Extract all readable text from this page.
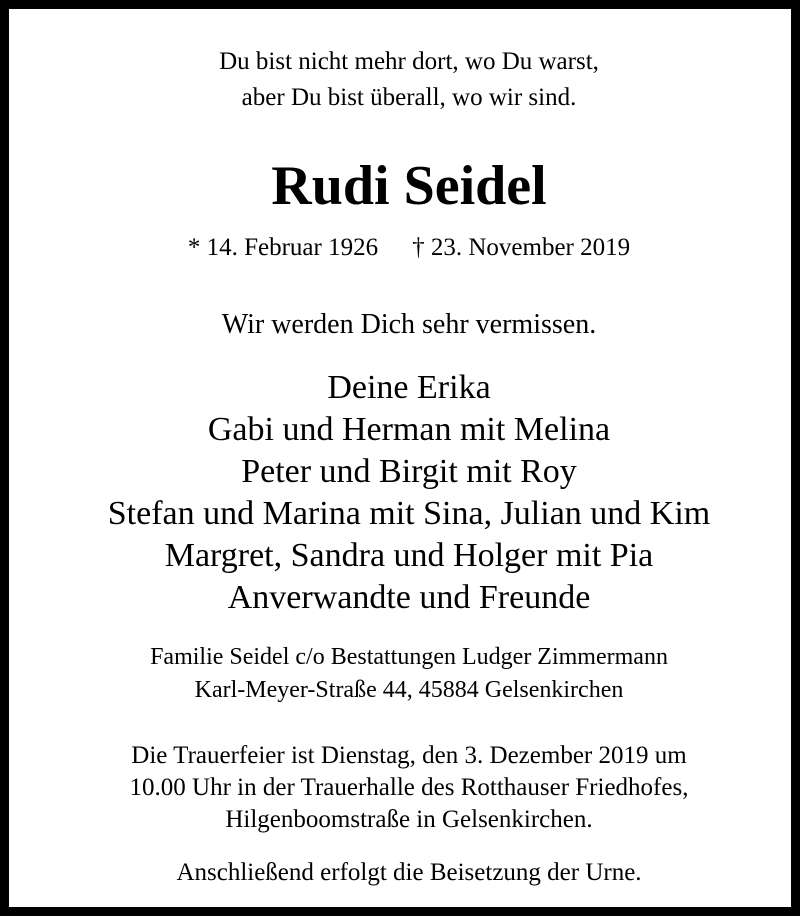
Du bist nicht mehr dort, wo Du warst,
aber Du bist überall, wo wir sind.
Rudi Seidel
* 14. Februar 1926 † 23. November 2019
Wir werden Dich sehr vermissen.
Deine Erika
Gabi und Herman mit Melina
Peter und Birgit mit Roy
Stefan und Marina mit Sina, Julian und Kim
Margret, Sandra und Holger mit Pia
Anverwandte und Freunde
Familie Seidel c/o Bestattungen Ludger Zimmermann
Karl-Meyer-Straße 44, 45884 Gelsenkirchen
Die Trauerfeier ist Dienstag, den 3. Dezember 2019 um
10.00 Uhr in der Trauerhalle des Rotthauser Friedhofes,
Hilgenboomstraße in Gelsenkirchen.
Anschließend erfolgt die Beisetzung der Urne.
